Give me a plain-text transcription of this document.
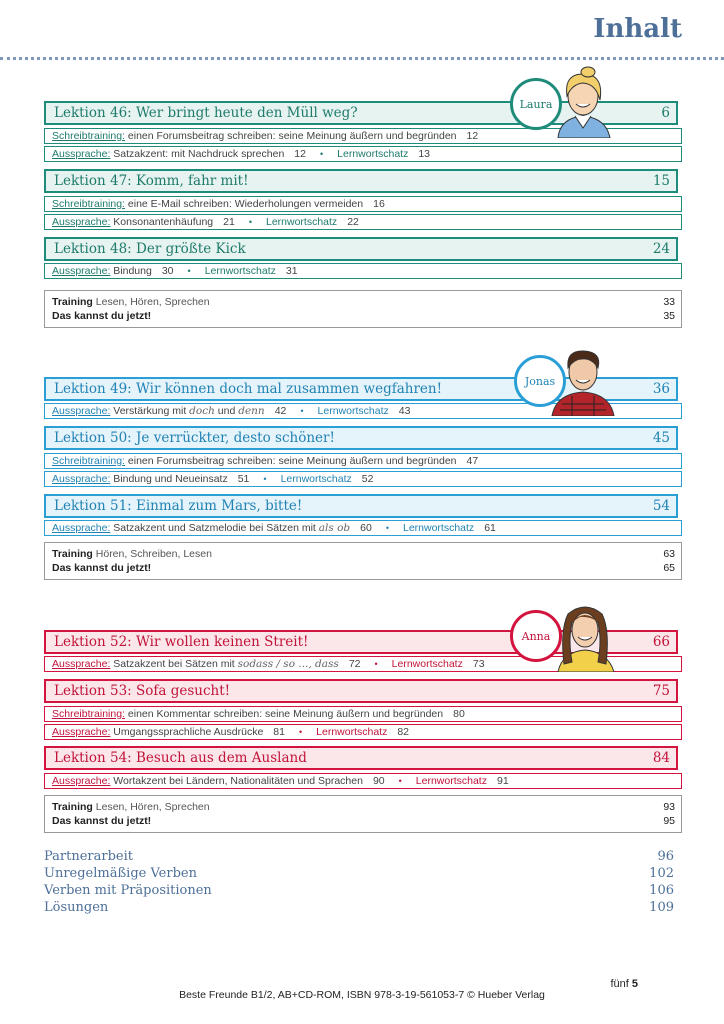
Inhalt
Lektion 46: Wer bringt heute den Müll weg?	6
Schreibtraining: einen Forumsbeitrag schreiben: seine Meinung äußern und begründen 12
Aussprache: Satzakzent: mit Nachdruck sprechen 12 • Lernwortschatz 13
Lektion 47: Komm, fahr mit!	15
Schreibtraining: eine E-Mail schreiben: Wiederholungen vermeiden 16
Aussprache: Konsonantenhäufung 21 • Lernwortschatz 22
Lektion 48: Der größte Kick	24
Aussprache: Bindung 30 • Lernwortschatz 31
Training Lesen, Hören, Sprechen	33
Das kannst du jetzt!	35
Laura
Lektion 49: Wir können doch mal zusammen wegfahren!	36
Aussprache: Verstärkung mit doch und denn 42 • Lernwortschatz 43
Lektion 50: Je verrückter, desto schöner!	45
Schreibtraining: einen Forumsbeitrag schreiben: seine Meinung äußern und begründen 47
Aussprache: Bindung und Neueinsatz 51 • Lernwortschatz 52
Lektion 51: Einmal zum Mars, bitte!	54
Aussprache: Satzakzent und Satzmelodie bei Sätzen mit als ob 60 • Lernwortschatz 61
Training Hören, Schreiben, Lesen	63
Das kannst du jetzt!	65
Jonas
Lektion 52: Wir wollen keinen Streit!	66
Aussprache: Satzakzent bei Sätzen mit sodass / so ..., dass 72 • Lernwortschatz 73
Lektion 53: Sofa gesucht!	75
Schreibtraining: einen Kommentar schreiben: seine Meinung äußern und begründen 80
Aussprache: Umgangssprachliche Ausdrücke 81 • Lernwortschatz 82
Lektion 54: Besuch aus dem Ausland	84
Aussprache: Wortakzent bei Ländern, Nationalitäten und Sprachen 90 • Lernwortschatz 91
Training Lesen, Hören, Sprechen	93
Das kannst du jetzt!	95
Anna
Partnerarbeit	96
Unregelmäßige Verben	102
Verben mit Präpositionen	106
Lösungen	109
fünf 5
Beste Freunde B1/2, AB+CD-ROM, ISBN 978-3-19-561053-7 © Hueber Verlag
